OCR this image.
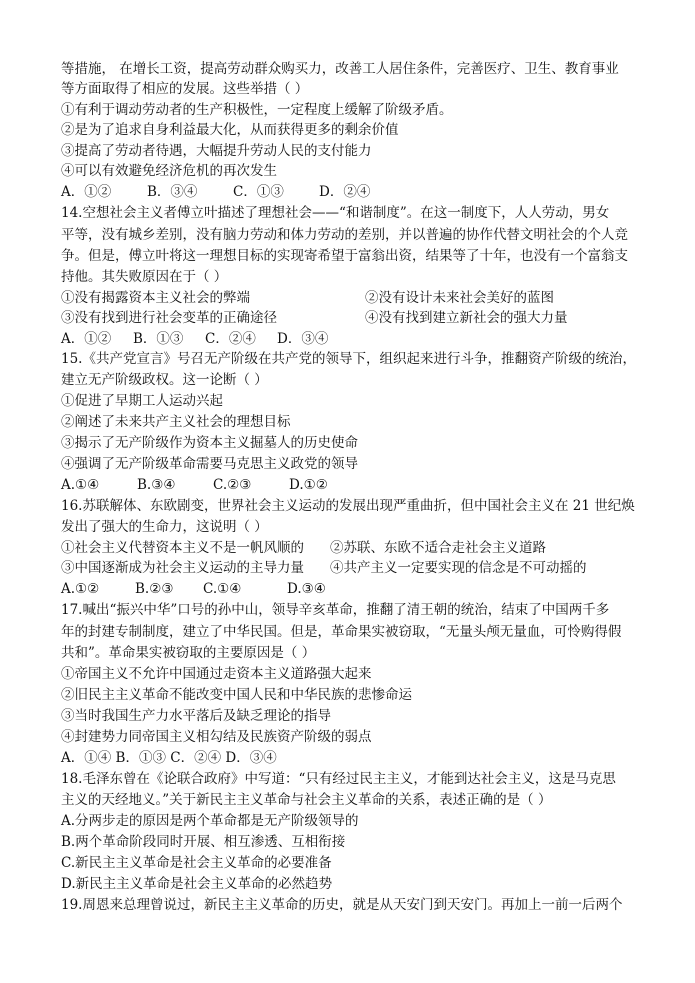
等措施， 在增长工资，提高劳动群众购买力，改善工人居住条件，完善医疗、卫生、教育事业
等方面取得了相应的发展。这些举措（ ）
①有利于调动劳动者的生产积极性，一定程度上缓解了阶级矛盾。
②是为了追求自身利益最大化，从而获得更多的剩余价值
③提高了劳动者待遇，大幅提升劳动人民的支付能力
④可以有效避免经济危机的再次发生
A．①②	B．③④	C．①③	D．②④
14.空想社会主义者傅立叶描述了理想社会——“和谐制度”。在这一制度下，人人劳动，男女
平等，没有城乡差别，没有脑力劳动和体力劳动的差别，并以普遍的协作代替文明社会的个人竞
争。但是，傅立叶将这一理想目标的实现寄希望于富翁出资，结果等了十年，也没有一个富翁支
持他。其失败原因在于（ ）
①没有揭露资本主义社会的弊端	②没有设计未来社会美好的蓝图
③没有找到进行社会变革的正确途径	④没有找到建立新社会的强大力量
A．①② B．①③ C．②④ D．③④
15.《共产党宣言》号召无产阶级在共产党的领导下，组织起来进行斗争，推翻资产阶级的统治，
建立无产阶级政权。这一论断（ ）
①促进了早期工人运动兴起
②阐述了未来共产主义社会的理想目标
③揭示了无产阶级作为资本主义掘墓人的历史使命
④强调了无产阶级革命需要马克思主义政党的领导
A.①④	B.③④	C.②③	D.①②
16.苏联解体、东欧剧变，世界社会主义运动的发展出现严重曲折，但中国社会主义在 21 世纪焕
发出了强大的生命力，这说明（ ）
①社会主义代替资本主义不是一帆风顺的 ②苏联、东欧不适合走社会主义道路
③中国逐渐成为社会主义运动的主导力量 ④共产主义一定要实现的信念是不可动摇的
A.①②	B.②③ C.①④	D.③④
17.喊出“振兴中华”口号的孙中山，领导辛亥革命，推翻了清王朝的统治，结束了中国两千多
年的封建专制制度，建立了中华民国。但是，革命果实被窃取，“无量头颅无量血，可怜购得假
共和”。革命果实被窃取的主要原因是（ ）
①帝国主义不允许中国通过走资本主义道路强大起来
②旧民主主义革命不能改变中国人民和中华民族的悲惨命运
③当时我国生产力水平落后及缺乏理论的指导
④封建势力同帝国主义相勾结及民族资产阶级的弱点
A．①④ B．①③ C．②④ D．③④
18.毛泽东曾在《论联合政府》中写道：“只有经过民主主义，才能到达社会主义，这是马克思
主义的天经地义。”关于新民主主义革命与社会主义革命的关系，表述正确的是（ ）
A.分两步走的原因是两个革命都是无产阶级领导的
B.两个革命阶段同时开展、相互渗透、互相衔接
C.新民主主义革命是社会主义革命的必要准备
D.新民主主义革命是社会主义革命的必然趋势
19.周恩来总理曾说过，新民主主义革命的历史，就是从天安门到天安门。再加上一前一后两个
